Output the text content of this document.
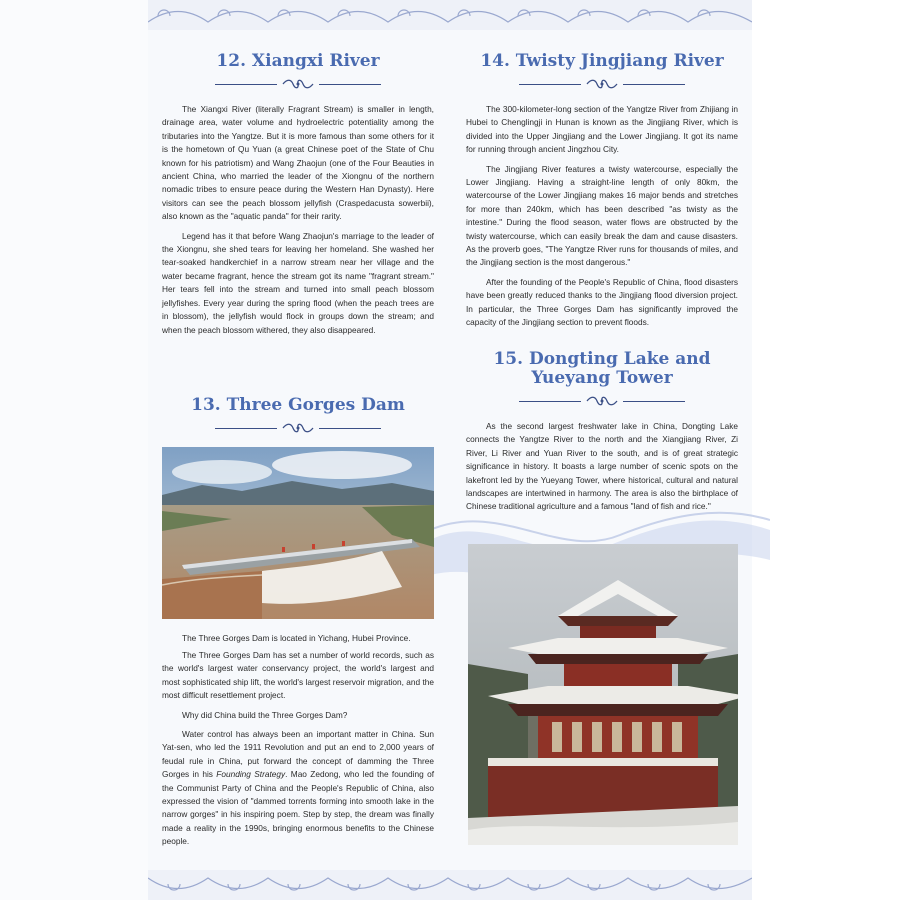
12. Xiangxi River

The Xiangxi River (literally Fragrant Stream) is smaller in length, drainage area, water volume and hydroelectric potentiality among the tributaries into the Yangtze. But it is more famous than some others for it is the hometown of Qu Yuan (a great Chinese poet of the State of Chu known for his patriotism) and Wang Zhaojun (one of the Four Beauties in ancient China, who married the leader of the Xiongnu of the northern nomadic tribes to ensure peace during the Western Han Dynasty). Here visitors can see the peach blossom jellyfish (Craspedacusta sowerbii), also known as the "aquatic panda" for their rarity.

Legend has it that before Wang Zhaojun's marriage to the leader of the Xiongnu, she shed tears for leaving her homeland. She washed her tear-soaked handkerchief in a narrow stream near her village and the water became fragrant, hence the stream got its name "fragrant stream." Her tears fell into the stream and turned into small peach blossom jellyfishes. Every year during the spring flood (when the peach trees are in blossom), the jellyfish would flock in groups down the stream; and when the peach blossom withered, they also disappeared.

13. Three Gorges Dam

The Three Gorges Dam is located in Yichang, Hubei Province.

The Three Gorges Dam has set a number of world records, such as the world's largest water conservancy project, the world's largest and most sophisticated ship lift, the world's largest reservoir migration, and the most difficult resettlement project.

Why did China build the Three Gorges Dam?

Water control has always been an important matter in China. Sun Yat-sen, who led the 1911 Revolution and put an end to 2,000 years of feudal rule in China, put forward the concept of damming the Three Gorges in his Founding Strategy. Mao Zedong, who led the founding of the Communist Party of China and the People's Republic of China, also expressed the vision of "dammed torrents forming into smooth lake in the narrow gorges" in his inspiring poem. Step by step, the dream was finally made a reality in the 1990s, bringing enormous benefits to the Chinese people.

14. Twisty Jingjiang River

The 300-kilometer-long section of the Yangtze River from Zhijiang in Hubei to Chenglingji in Hunan is known as the Jingjiang River, which is divided into the Upper Jingjiang and the Lower Jingjiang. It got its name for running through ancient Jingzhou City.

The Jingjiang River features a twisty watercourse, especially the Lower Jingjiang. Having a straight-line length of only 80km, the watercourse of the Lower Jingjiang makes 16 major bends and stretches for more than 240km, which has been described "as twisty as the intestine." During the flood season, water flows are obstructed by the twisty watercourse, which can easily break the dam and cause disasters. As the proverb goes, "The Yangtze River runs for thousands of miles, and the Jingjiang section is the most dangerous."

After the founding of the People's Republic of China, flood disasters have been greatly reduced thanks to the Jingjiang flood diversion project. In particular, the Three Gorges Dam has significantly improved the capacity of the Jingjiang section to prevent floods.

15. Dongting Lake and Yueyang Tower

As the second largest freshwater lake in China, Dongting Lake connects the Yangtze River to the north and the Xiangjiang River, Zi River, Li River and Yuan River to the south, and is of great strategic significance in history. It boasts a large number of scenic spots on the lakefront led by the Yueyang Tower, where historical, cultural and natural landscapes are intertwined in harmony. The area is also the birthplace of Chinese traditional agriculture and a famous "land of fish and rice."
